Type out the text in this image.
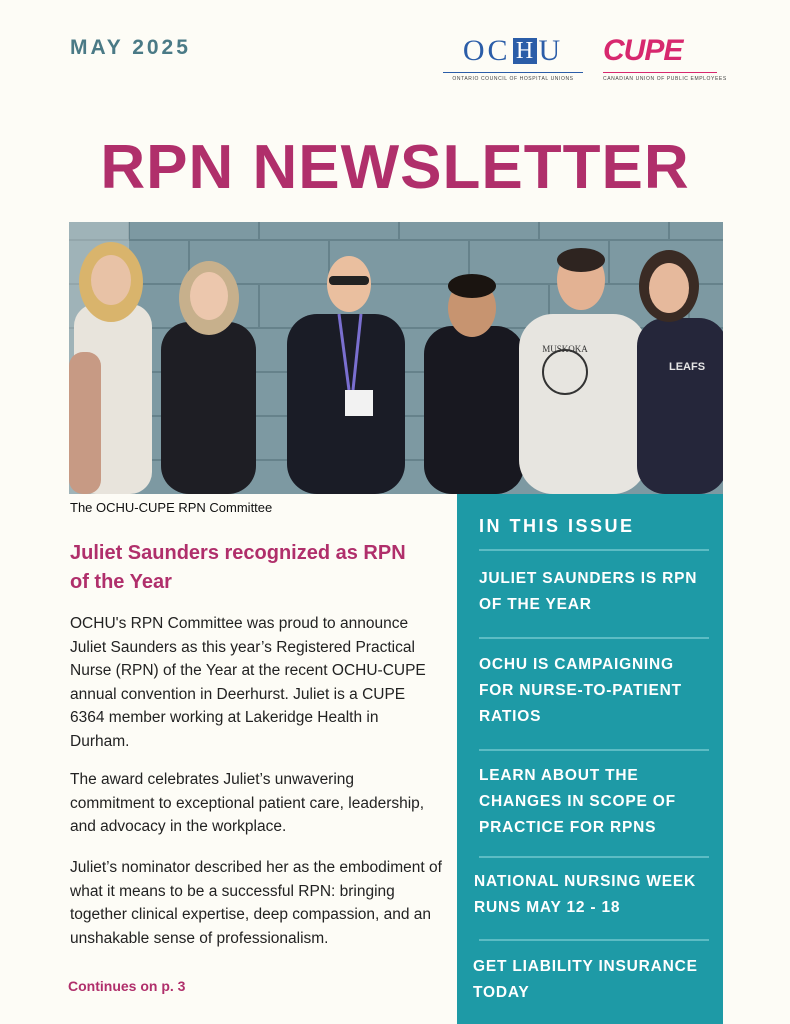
MAY 2025	OC H U
ONTARIO COUNCIL OF HOSPITAL UNIONS
CUPE
CANADIAN UNION OF PUBLIC EMPLOYEES
RPN NEWSLETTER
MUSKOKA
LEAFS
The OCHU-CUPE RPN Committee
Juliet Saunders recognized as RPN of the Year
OCHU's RPN Committee was proud to announce Juliet Saunders as this year’s Registered Practical Nurse (RPN) of the Year at the recent OCHU-CUPE annual convention in Deerhurst. Juliet is a CUPE 6364 member working at Lakeridge Health in Durham.
The award celebrates Juliet’s unwavering commitment to exceptional patient care, leadership, and advocacy in the workplace.
Juliet’s nominator described her as the embodiment of what it means to be a successful RPN: bringing together clinical expertise, deep compassion, and an unshakable sense of professionalism.
Continues on p. 3
IN THIS ISSUE
JULIET SAUNDERS IS RPN OF THE YEAR
OCHU IS CAMPAIGNING FOR NURSE-TO-PATIENT RATIOS
LEARN ABOUT THE CHANGES IN SCOPE OF PRACTICE FOR RPNS
NATIONAL NURSING WEEK RUNS MAY 12 - 18
GET LIABILITY INSURANCE TODAY
